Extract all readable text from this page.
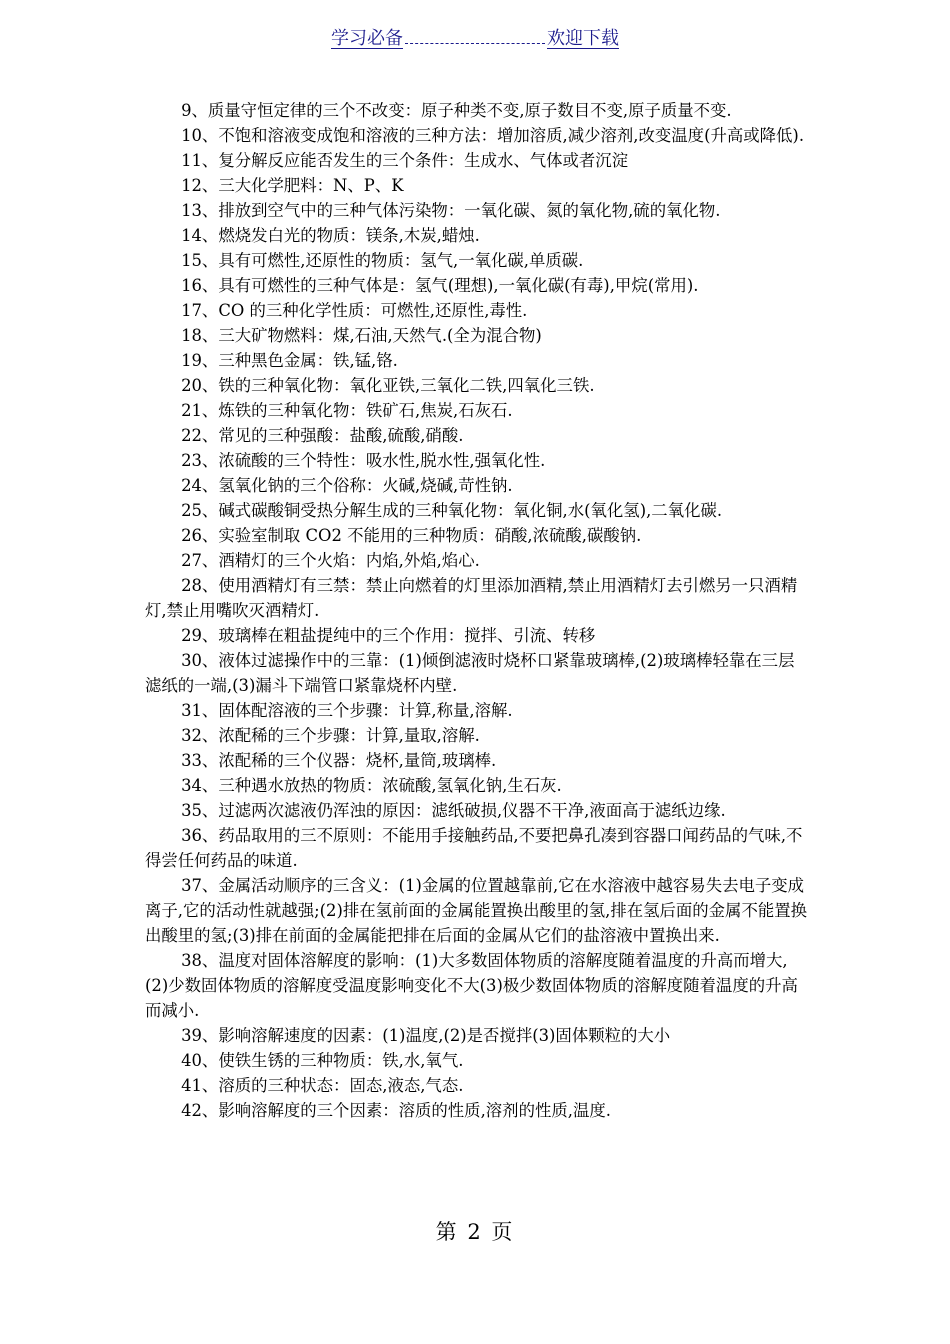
学习必备	欢迎下载

9、质量守恒定律的三个不改变：原子种类不变,原子数目不变,原子质量不变.

10、不饱和溶液变成饱和溶液的三种方法：增加溶质,减少溶剂,改变温度(升高或降低).

11、复分解反应能否发生的三个条件：生成水、气体或者沉淀

12、三大化学肥料：N、P、K

13、排放到空气中的三种气体污染物：一氧化碳、氮的氧化物,硫的氧化物.

14、燃烧发白光的物质：镁条,木炭,蜡烛.

15、具有可燃性,还原性的物质：氢气,一氧化碳,单质碳.

16、具有可燃性的三种气体是：氢气(理想),一氧化碳(有毒),甲烷(常用).

17、CO 的三种化学性质：可燃性,还原性,毒性.

18、三大矿物燃料：煤,石油,天然气.(全为混合物)

19、三种黑色金属：铁,锰,铬.

20、铁的三种氧化物：氧化亚铁,三氧化二铁,四氧化三铁.

21、炼铁的三种氧化物：铁矿石,焦炭,石灰石.

22、常见的三种强酸：盐酸,硫酸,硝酸.

23、浓硫酸的三个特性：吸水性,脱水性,强氧化性.

24、氢氧化钠的三个俗称：火碱,烧碱,苛性钠.

25、碱式碳酸铜受热分解生成的三种氧化物：氧化铜,水(氧化氢),二氧化碳.

26、实验室制取 CO2 不能用的三种物质：硝酸,浓硫酸,碳酸钠.

27、酒精灯的三个火焰：内焰,外焰,焰心.

28、使用酒精灯有三禁：禁止向燃着的灯里添加酒精,禁止用酒精灯去引燃另一只酒精灯,禁止用嘴吹灭酒精灯.

29、玻璃棒在粗盐提纯中的三个作用：搅拌、引流、转移

30、液体过滤操作中的三靠：(1)倾倒滤液时烧杯口紧靠玻璃棒,(2)玻璃棒轻靠在三层滤纸的一端,(3)漏斗下端管口紧靠烧杯内壁.

31、固体配溶液的三个步骤：计算,称量,溶解.

32、浓配稀的三个步骤：计算,量取,溶解.

33、浓配稀的三个仪器：烧杯,量筒,玻璃棒.

34、三种遇水放热的物质：浓硫酸,氢氧化钠,生石灰.

35、过滤两次滤液仍浑浊的原因：滤纸破损,仪器不干净,液面高于滤纸边缘.

36、药品取用的三不原则：不能用手接触药品,不要把鼻孔凑到容器口闻药品的气味,不得尝任何药品的味道.

37、金属活动顺序的三含义：(1)金属的位置越靠前,它在水溶液中越容易失去电子变成离子,它的活动性就越强;(2)排在氢前面的金属能置换出酸里的氢,排在氢后面的金属不能置换出酸里的氢;(3)排在前面的金属能把排在后面的金属从它们的盐溶液中置换出来.

38、温度对固体溶解度的影响：(1)大多数固体物质的溶解度随着温度的升高而增大,(2)少数固体物质的溶解度受温度影响变化不大(3)极少数固体物质的溶解度随着温度的升高而减小.

39、影响溶解速度的因素：(1)温度,(2)是否搅拌(3)固体颗粒的大小

40、使铁生锈的三种物质：铁,水,氧气.

41、溶质的三种状态：固态,液态,气态.

42、影响溶解度的三个因素：溶质的性质,溶剂的性质,温度.

第 2 页
